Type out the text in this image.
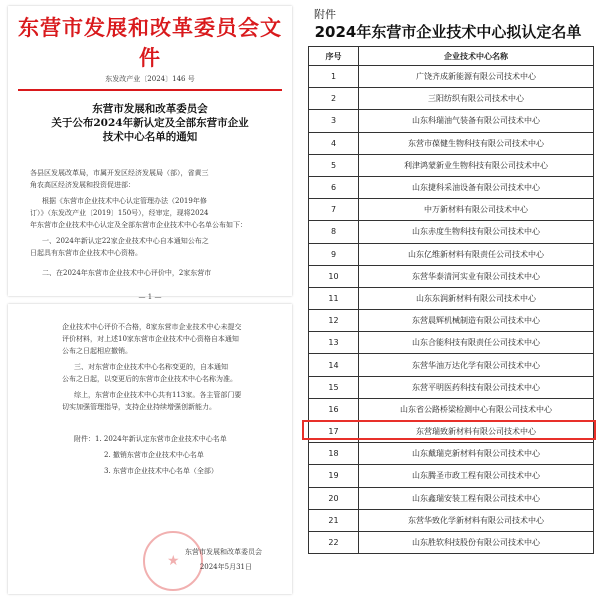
东营市发展和改革委员会文件
东发改产业〔2024〕146 号
东营市发展和改革委员会
关于公布2024年新认定及全部东营市企业
技术中心名单的通知
各县区发展改革局，市属开发区经济发展局（部），省黄三
角农高区经济发展和投资促进部：
根据《东营市企业技术中心认定管理办法（2019年修
订）》（东发改产业〔2019〕150号），经审定，现将2024
年东营市企业技术中心认定及全部东营市企业技术中心名单公布如下：
一、2024年新认定22家企业技术中心自本通知公布之
日起具有东营市企业技术中心资格。
二、在2024年东营市企业技术中心评价中，2家东营市
— 1 —
企业技术中心评价不合格，8家东营市企业技术中心未提交
评价材料，对上述10家东营市企业技术中心资格自本通知
公布之日起相应撤销。
三、对东营市企业技术中心名称变更的，自本通知
公布之日起，以变更后的东营市企业技术中心名称为准。
综上，东营市企业技术中心共有113家。各主管部门要
切实加强管理指导，支持企业持续增强创新能力。
附件：1. 2024年新认定东营市企业技术中心名单
2. 撤销东营市企业技术中心名单
3. 东营市企业技术中心名单（全部）
★
东营市发展和改革委员会
2024年5月31日
附件
2024年东营市企业技术中心拟认定名单
序号	企业技术中心名称
1	广饶齐成新能源有限公司技术中心
2	三阳纺织有限公司技术中心
3	山东科瑞油气装备有限公司技术中心
4	东营市葆健生物科技有限公司技术中心
5	利津鸿蒙新业生物科技有限公司技术中心
6	山东捷科采油设备有限公司技术中心
7	中万新材料有限公司技术中心
8	山东赤度生物科技有限公司技术中心
9	山东亿维新材料有限责任公司技术中心
10	东营华泰清河实业有限公司技术中心
11	山东东润新材料有限公司技术中心
12	东营晨辉机械制造有限公司技术中心
13	山东合能科技有限责任公司技术中心
14	东营华油万达化学有限公司技术中心
15	东营平明医药科技有限公司技术中心
16	山东省公路桥梁检测中心有限公司技术中心
17	东营瑞致新材料有限公司技术中心
18	山东戴瑞克新材料有限公司技术中心
19	山东腾圣市政工程有限公司技术中心
20	山东鑫瑞安装工程有限公司技术中心
21	东营华致化学新材料有限公司技术中心
22	山东胜软科技股份有限公司技术中心
